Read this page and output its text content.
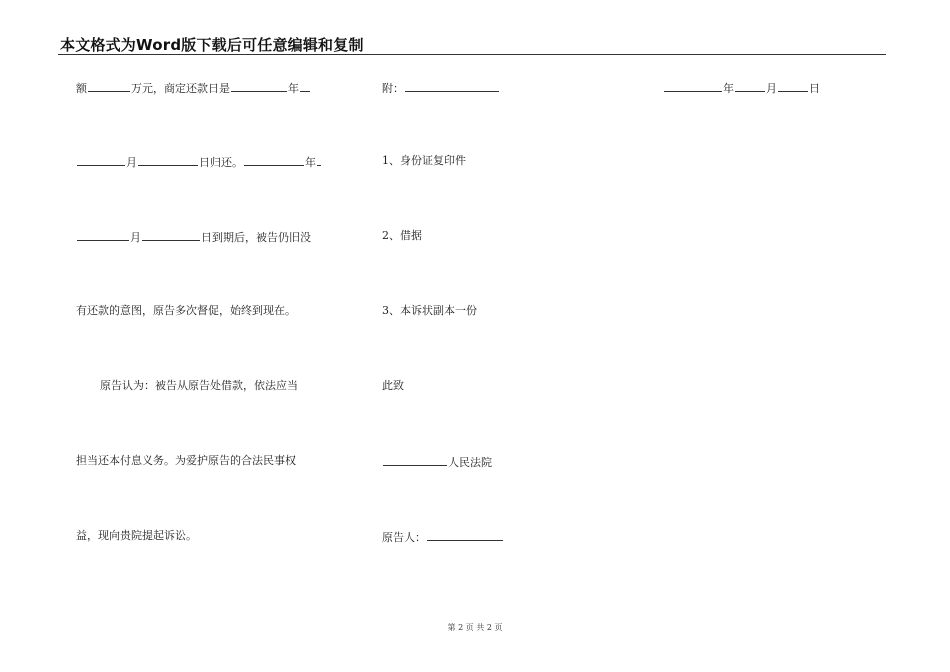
本文格式为Word版下载后可任意编辑和复制
额	万元，商定还款日是	年
月	日归还。	年
月	日到期后，被告仍旧没
有还款的意图，原告多次督促，始终到现在。
原告认为：被告从原告处借款，依法应当
担当还本付息义务。为爱护原告的合法民事权
益，现向贵院提起诉讼。
附：
1、身份证复印件
2、借据
3、本诉状副本一份
此致
人民法院
原告人：
年	月	日
第 2 页 共 2 页
